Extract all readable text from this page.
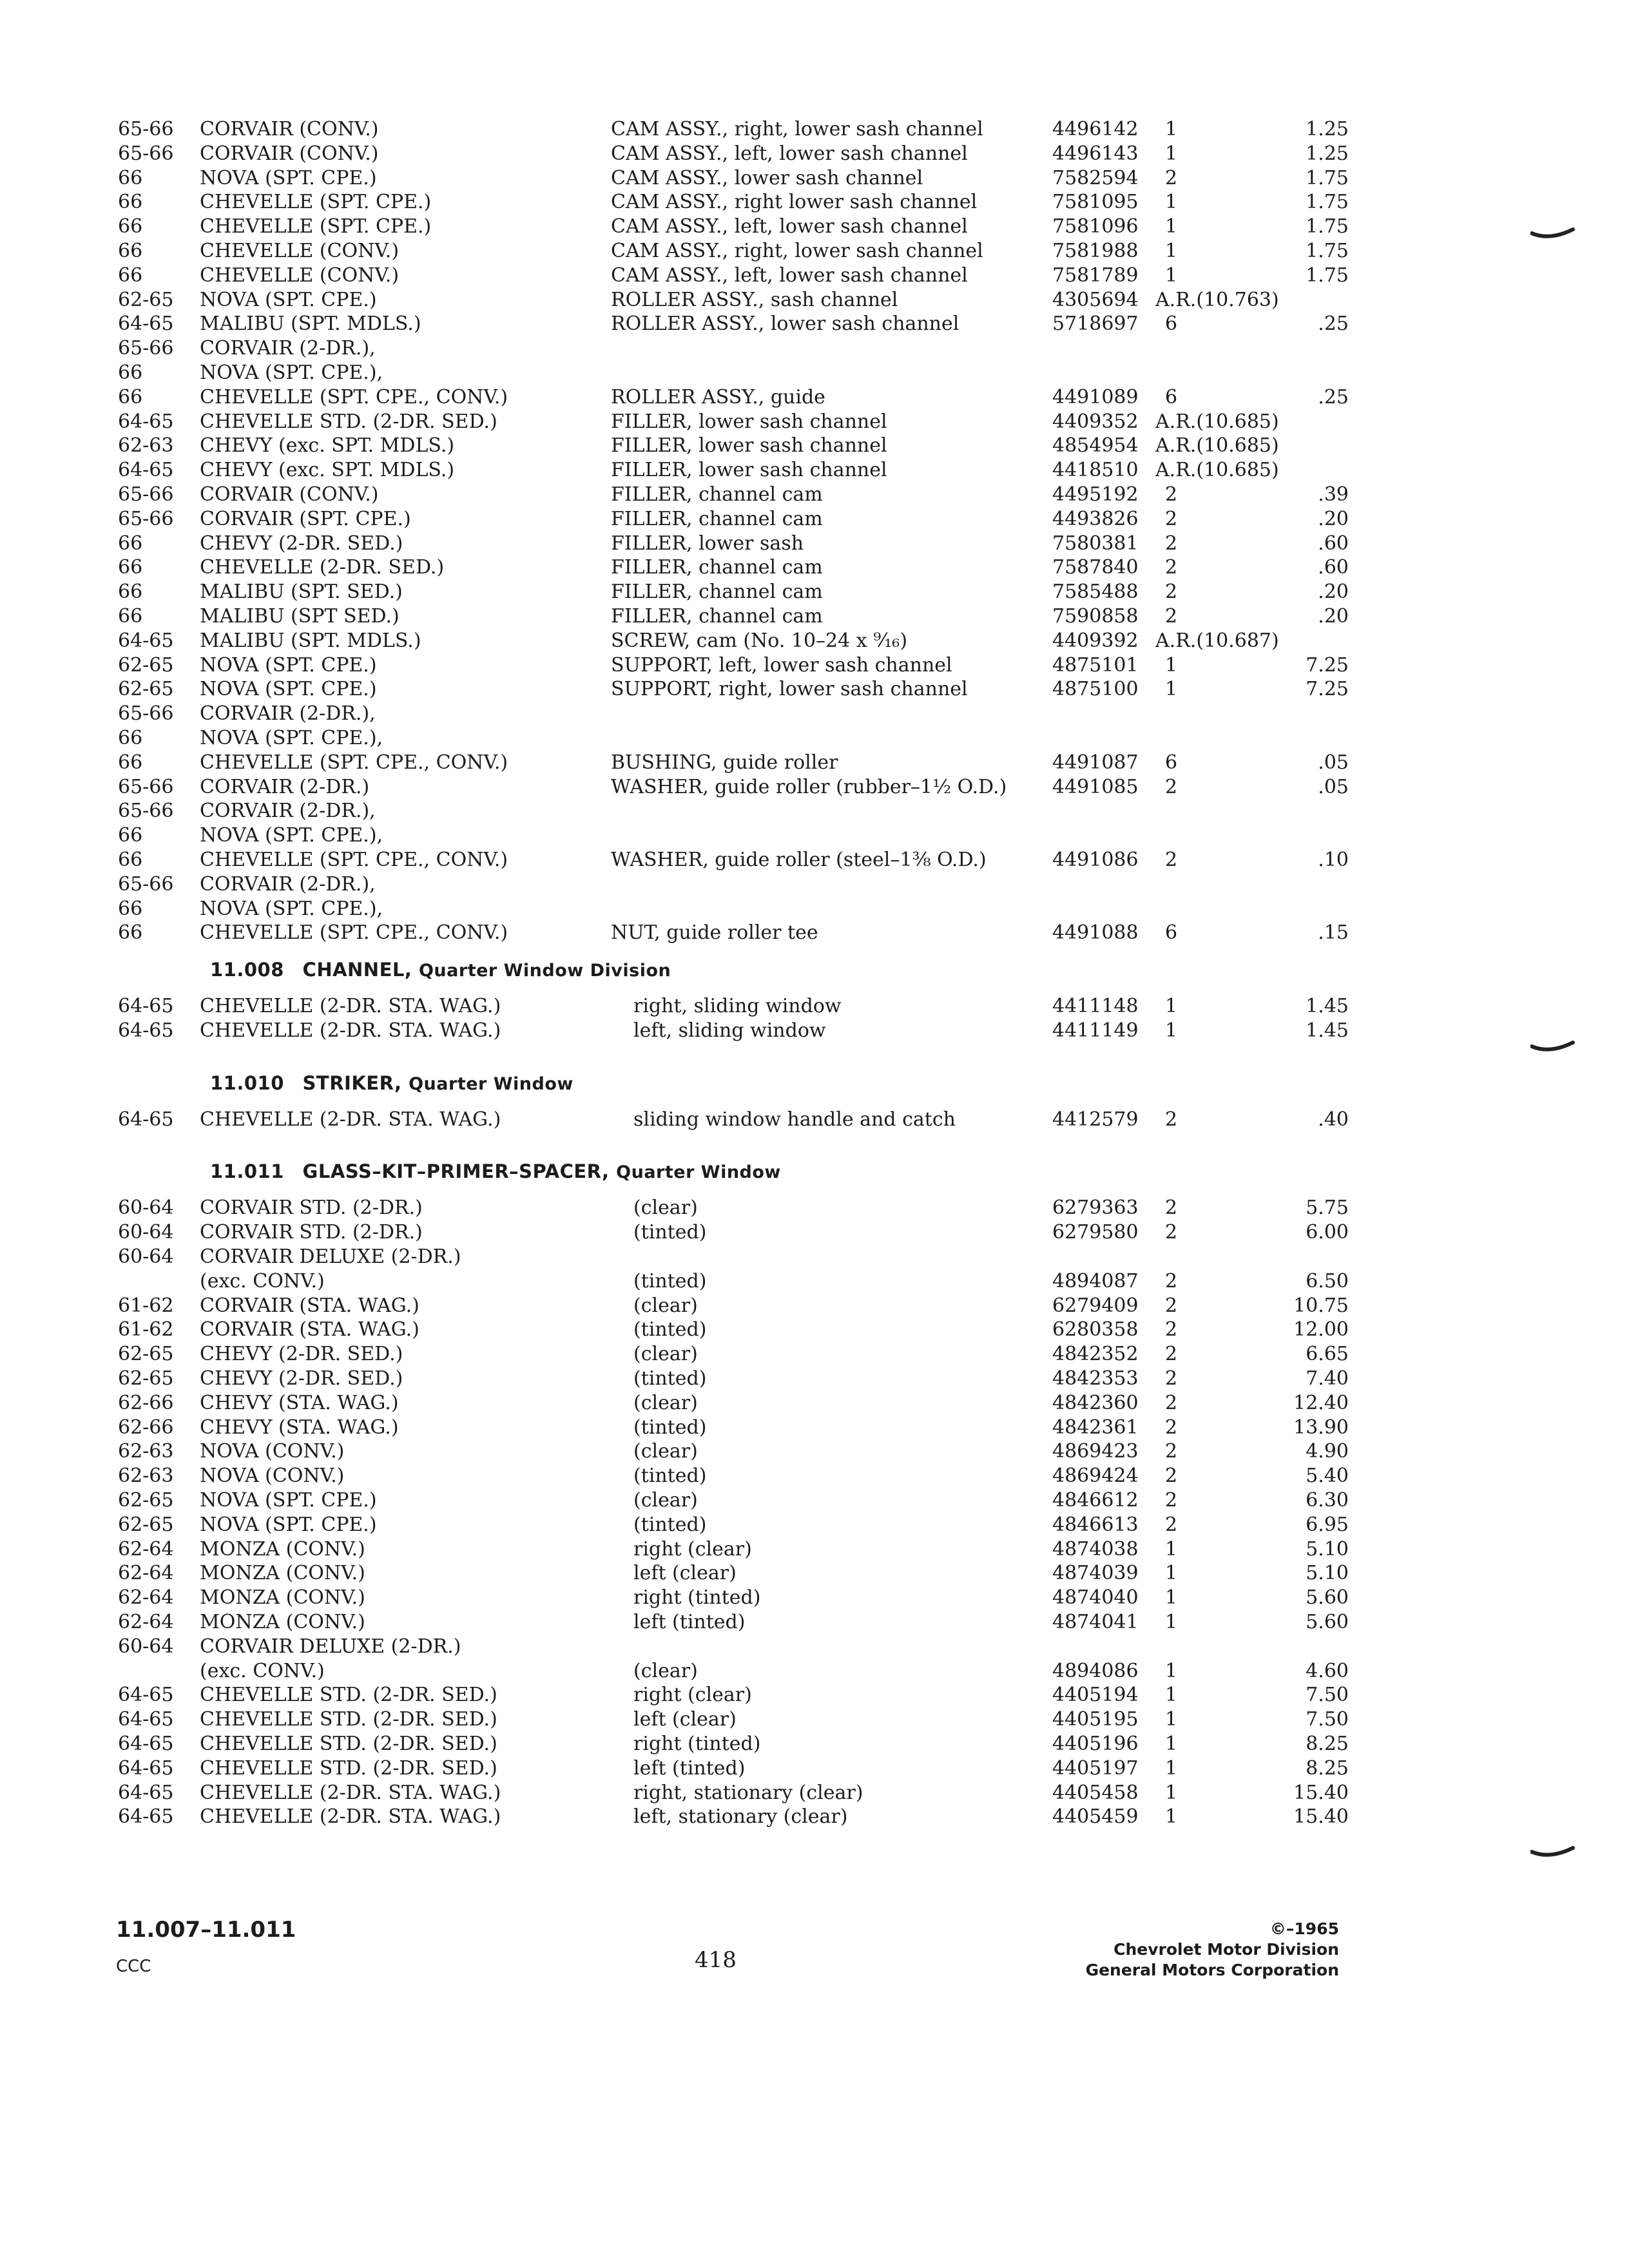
65-66	CORVAIR (CONV.)	CAM ASSY., right, lower sash channel	4496142	1	1.25
65-66	CORVAIR (CONV.)	CAM ASSY., left, lower sash channel	4496143	1	1.25
66	NOVA (SPT. CPE.)	CAM ASSY., lower sash channel	7582594	2	1.75
66	CHEVELLE (SPT. CPE.)	CAM ASSY., right lower sash channel	7581095	1	1.75
66	CHEVELLE (SPT. CPE.)	CAM ASSY., left, lower sash channel	7581096	1	1.75
66	CHEVELLE (CONV.)	CAM ASSY., right, lower sash channel	7581988	1	1.75
66	CHEVELLE (CONV.)	CAM ASSY., left, lower sash channel	7581789	1	1.75
62-65	NOVA (SPT. CPE.)	ROLLER ASSY., sash channel	4305694 A.R.(10.763)
64-65	MALIBU (SPT. MDLS.)	ROLLER ASSY., lower sash channel	5718697	6	.25
65-66	CORVAIR (2-DR.),
66	NOVA (SPT. CPE.),
66	CHEVELLE (SPT. CPE., CONV.)	ROLLER ASSY., guide	4491089	6	.25
64-65	CHEVELLE STD. (2-DR. SED.)	FILLER, lower sash channel	4409352 A.R.(10.685)
62-63	CHEVY (exc. SPT. MDLS.)	FILLER, lower sash channel	4854954 A.R.(10.685)
64-65	CHEVY (exc. SPT. MDLS.)	FILLER, lower sash channel	4418510 A.R.(10.685)
65-66	CORVAIR (CONV.)	FILLER, channel cam	4495192	2	.39
65-66	CORVAIR (SPT. CPE.)	FILLER, channel cam	4493826	2	.20
66	CHEVY (2-DR. SED.)	FILLER, lower sash	7580381	2	.60
66	CHEVELLE (2-DR. SED.)	FILLER, channel cam	7587840	2	.60
66	MALIBU (SPT. SED.)	FILLER, channel cam	7585488	2	.20
66	MALIBU (SPT SED.)	FILLER, channel cam	7590858	2	.20
64-65	MALIBU (SPT. MDLS.)	SCREW, cam (No. 10–24 x ⁹⁄₁₆)	4409392 A.R.(10.687)
62-65	NOVA (SPT. CPE.)	SUPPORT, left, lower sash channel	4875101	1	7.25
62-65	NOVA (SPT. CPE.)	SUPPORT, right, lower sash channel	4875100	1	7.25
65-66	CORVAIR (2-DR.),
66	NOVA (SPT. CPE.),
66	CHEVELLE (SPT. CPE., CONV.)	BUSHING, guide roller	4491087	6	.05
65-66	CORVAIR (2-DR.)	WASHER, guide roller (rubber–1½ O.D.)	4491085	2	.05
65-66	CORVAIR (2-DR.),
66	NOVA (SPT. CPE.),
66	CHEVELLE (SPT. CPE., CONV.)	WASHER, guide roller (steel–1⅜ O.D.)	4491086	2	.10
65-66	CORVAIR (2-DR.),
66	NOVA (SPT. CPE.),
66	CHEVELLE (SPT. CPE., CONV.)	NUT, guide roller tee	4491088	6	.15
11.008 CHANNEL, Quarter Window Division
64-65	CHEVELLE (2-DR. STA. WAG.)	right, sliding window	4411148	1	1.45
64-65	CHEVELLE (2-DR. STA. WAG.)	left, sliding window	4411149	1	1.45
11.010 STRIKER, Quarter Window
64-65	CHEVELLE (2-DR. STA. WAG.)	sliding window handle and catch	4412579	2	.40
11.011 GLASS–KIT–PRIMER–SPACER, Quarter Window
60-64	CORVAIR STD. (2-DR.)	(clear)	6279363	2	5.75
60-64	CORVAIR STD. (2-DR.)	(tinted)	6279580	2	6.00
60-64	CORVAIR DELUXE (2-DR.)
(exc. CONV.)	(tinted)	4894087	2	6.50
61-62	CORVAIR (STA. WAG.)	(clear)	6279409	2	10.75
61-62	CORVAIR (STA. WAG.)	(tinted)	6280358	2	12.00
62-65	CHEVY (2-DR. SED.)	(clear)	4842352	2	6.65
62-65	CHEVY (2-DR. SED.)	(tinted)	4842353	2	7.40
62-66	CHEVY (STA. WAG.)	(clear)	4842360	2	12.40
62-66	CHEVY (STA. WAG.)	(tinted)	4842361	2	13.90
62-63	NOVA (CONV.)	(clear)	4869423	2	4.90
62-63	NOVA (CONV.)	(tinted)	4869424	2	5.40
62-65	NOVA (SPT. CPE.)	(clear)	4846612	2	6.30
62-65	NOVA (SPT. CPE.)	(tinted)	4846613	2	6.95
62-64	MONZA (CONV.)	right (clear)	4874038	1	5.10
62-64	MONZA (CONV.)	left (clear)	4874039	1	5.10
62-64	MONZA (CONV.)	right (tinted)	4874040	1	5.60
62-64	MONZA (CONV.)	left (tinted)	4874041	1	5.60
60-64	CORVAIR DELUXE (2-DR.)
(exc. CONV.)	(clear)	4894086	1	4.60
64-65	CHEVELLE STD. (2-DR. SED.)	right (clear)	4405194	1	7.50
64-65	CHEVELLE STD. (2-DR. SED.)	left (clear)	4405195	1	7.50
64-65	CHEVELLE STD. (2-DR. SED.)	right (tinted)	4405196	1	8.25
64-65	CHEVELLE STD. (2-DR. SED.)	left (tinted)	4405197	1	8.25
64-65	CHEVELLE (2-DR. STA. WAG.)	right, stationary (clear)	4405458	1	15.40
64-65	CHEVELLE (2-DR. STA. WAG.)	left, stationary (clear)	4405459	1	15.40
11.007–11.011
CCC	418
©–1965
Chevrolet Motor Division
General Motors Corporation
